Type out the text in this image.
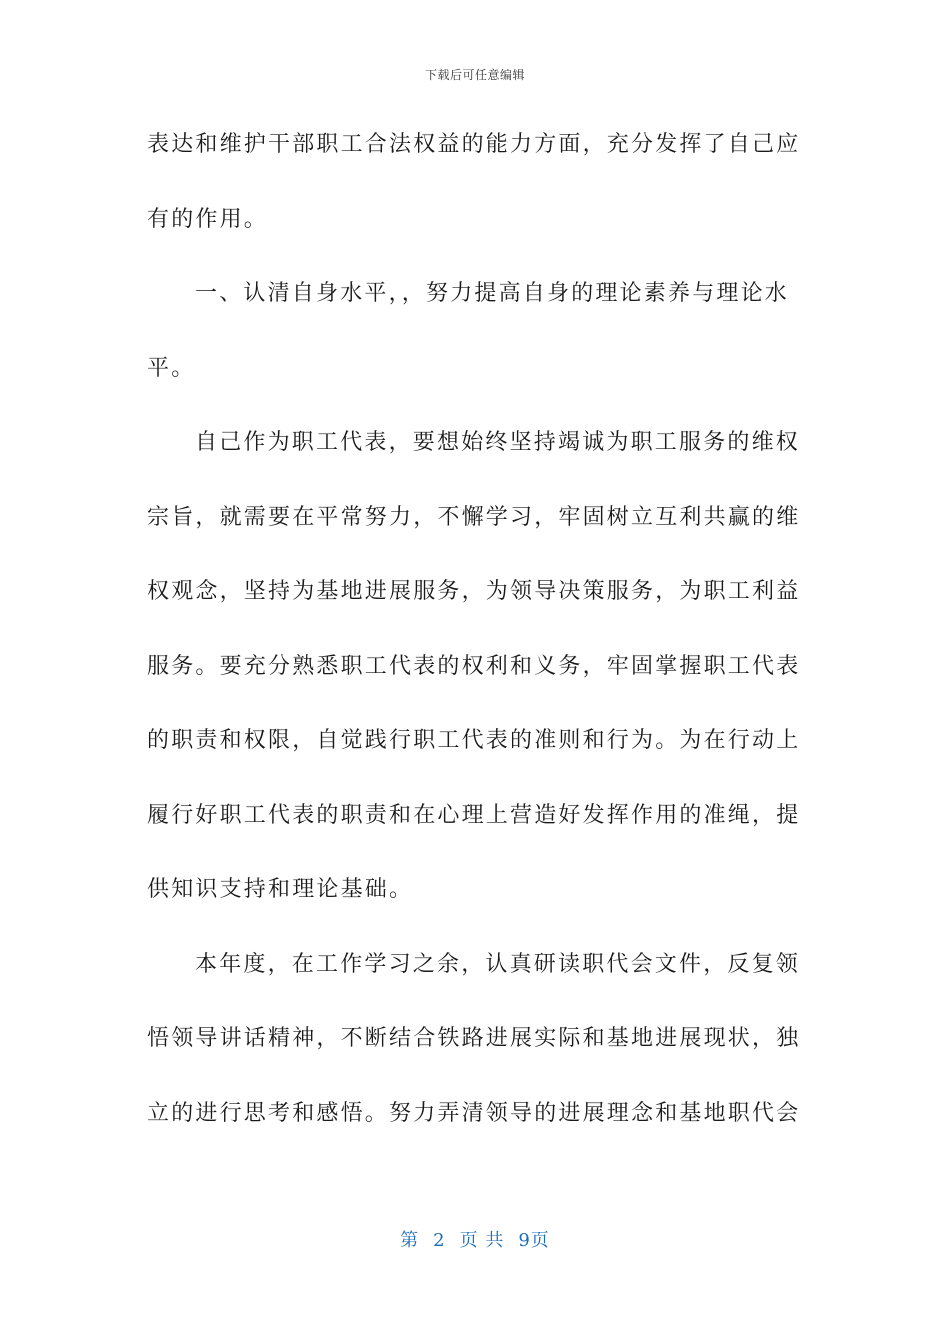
下载后可任意编辑
表达和维护干部职工合法权益的能力方面，充分发挥了自己应
有的作用。
一、认清自身水平，，努力提高自身的理论素养与理论水
平。
自己作为职工代表，要想始终坚持竭诚为职工服务的维权
宗旨，就需要在平常努力，不懈学习，牢固树立互利共赢的维
权观念，坚持为基地进展服务，为领导决策服务，为职工利益
服务。要充分熟悉职工代表的权利和义务，牢固掌握职工代表
的职责和权限，自觉践行职工代表的准则和行为。为在行动上
履行好职工代表的职责和在心理上营造好发挥作用的准绳，提
供知识支持和理论基础。
本年度，在工作学习之余，认真研读职代会文件，反复领
悟领导讲话精神，不断结合铁路进展实际和基地进展现状，独
立的进行思考和感悟。努力弄清领导的进展理念和基地职代会
第 2 页 共 9页
